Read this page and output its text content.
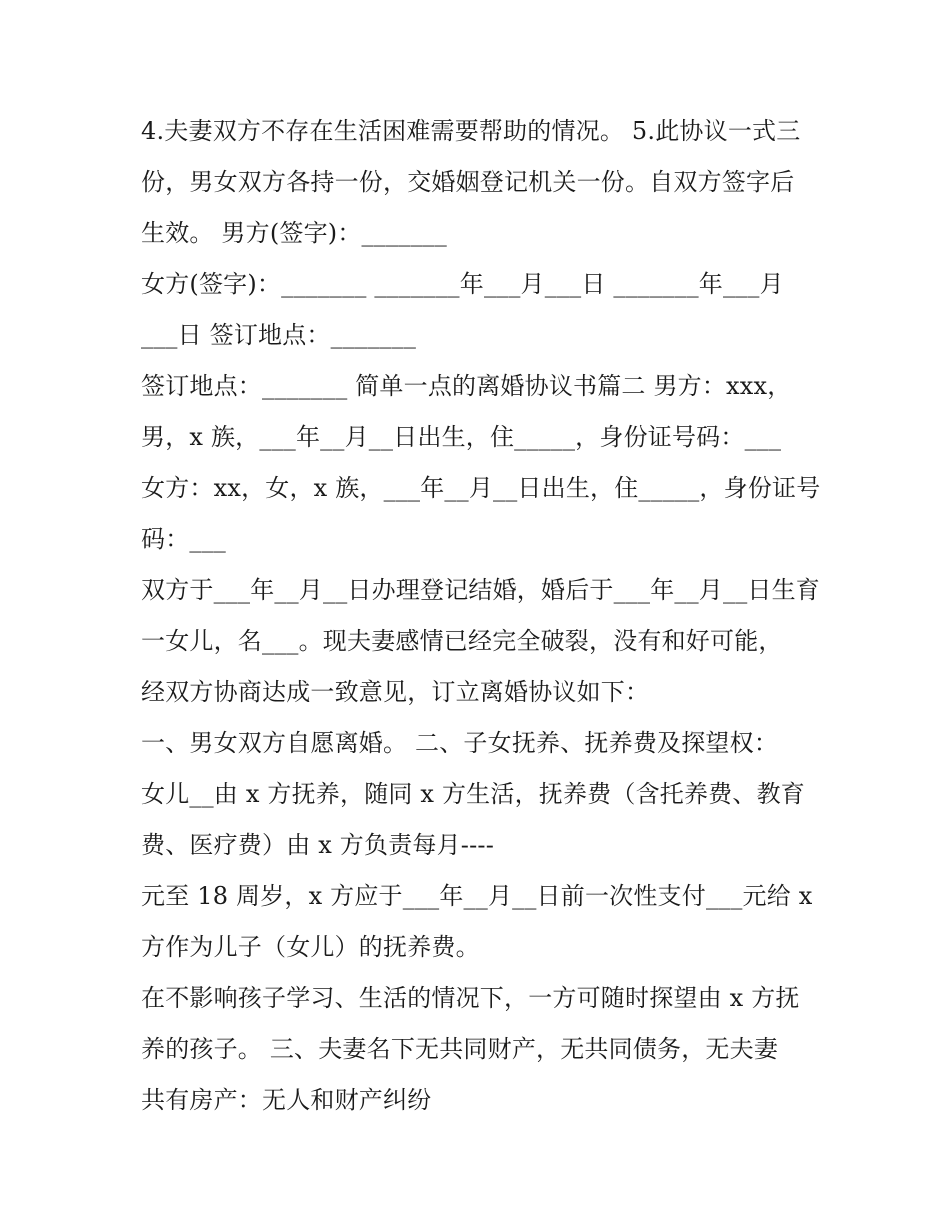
4.夫妻双方不存在生活困难需要帮助的情况。 5.此协议一式三
份，男女双方各持一份，交婚姻登记机关一份。自双方签字后
生效。 男方(签字)：_______
女方(签字)：_______ _______年___月___日 _______年___月
___日 签订地点：_______
签订地点：_______ 简单一点的离婚协议书篇二 男方：xxx，
男，x 族，___年__月__日出生，住_____，身份证号码：___
女方：xx，女，x 族，___年__月__日出生，住_____，身份证号
码：___
双方于___年__月__日办理登记结婚，婚后于___年__月__日生育
一女儿，名___。现夫妻感情已经完全破裂，没有和好可能，
经双方协商达成一致意见，订立离婚协议如下：
一、男女双方自愿离婚。 二、子女抚养、抚养费及探望权：
女儿__由 x 方抚养，随同 x 方生活，抚养费（含托养费、教育
费、医疗费）由 x 方负责每月----
元至 18 周岁，x 方应于___年__月__日前一次性支付___元给 x
方作为儿子（女儿）的抚养费。
在不影响孩子学习、生活的情况下，一方可随时探望由 x 方抚
养的孩子。 三、夫妻名下无共同财产，无共同债务，无夫妻
共有房产：无人和财产纠纷
